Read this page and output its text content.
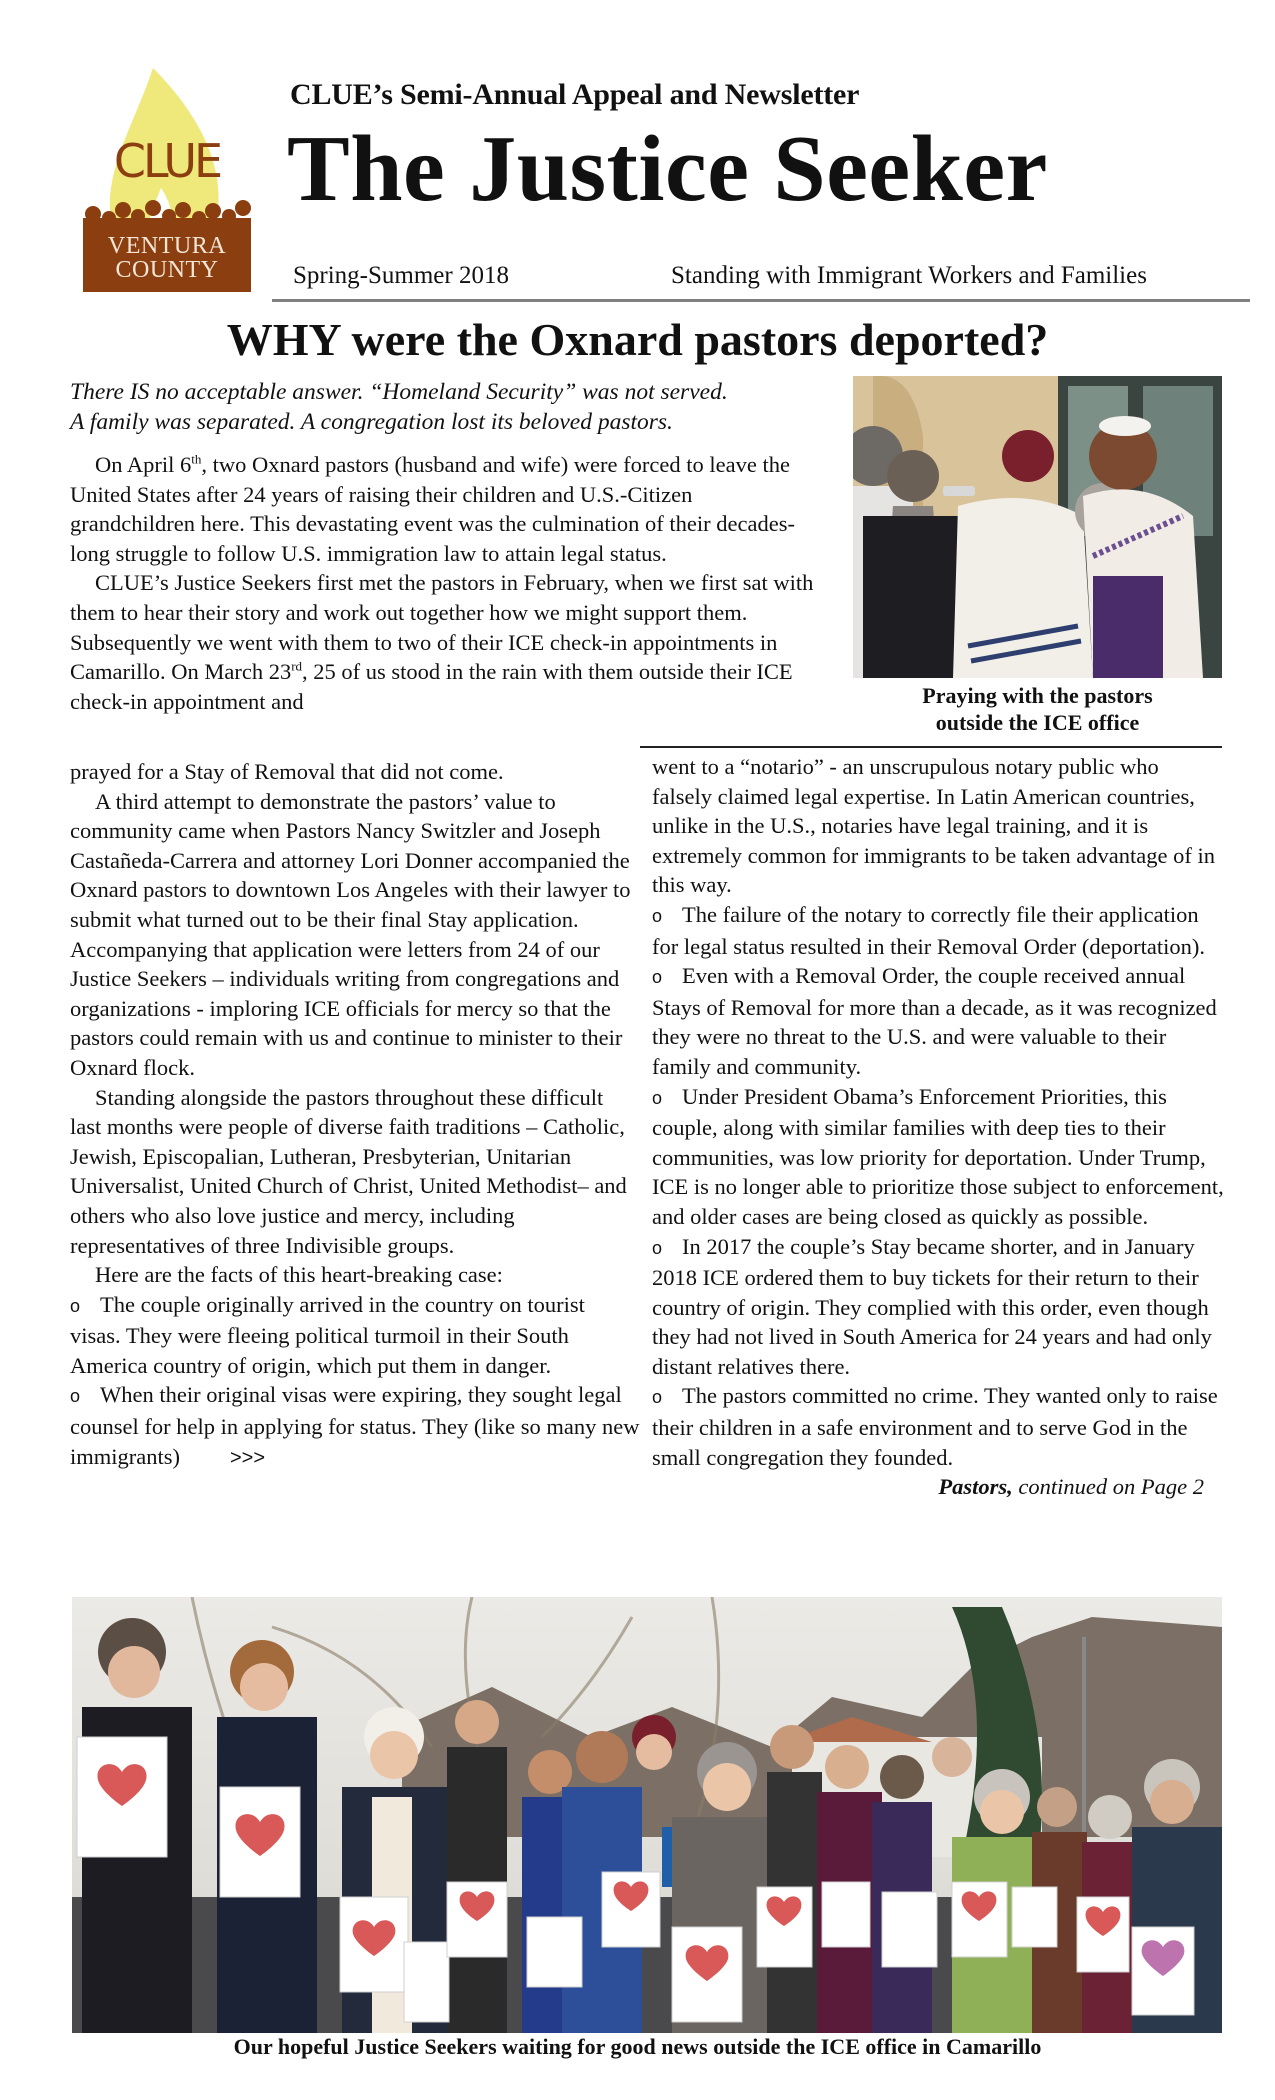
CLUE
VENTURA
COUNTY
CLUE’s Semi-Annual Appeal and Newsletter
The Justice Seeker
Spring-Summer 2018	Standing with Immigrant Workers and Families
WHY were the Oxnard pastors deported?
There IS no acceptable answer. “Homeland Security” was not served.
A family was separated. A congregation lost its beloved pastors.

On April 6th, two Oxnard pastors (husband and wife) were forced to leave the United States after 24 years of raising their children and U.S.-Citizen grandchildren here. This devastating event was the culmination of their decades-long struggle to follow U.S. immigration law to attain legal status.

CLUE’s Justice Seekers first met the pastors in February, when we first sat with them to hear their story and work out together how we might support them. Subsequently we went with them to two of their ICE check-in appointments in Camarillo. On March 23rd, 25 of us stood in the rain with them outside their ICE check-in appointment and	Praying with the pastors
outside the ICE office

prayed for a Stay of Removal that did not come.

A third attempt to demonstrate the pastors’ value to community came when Pastors Nancy Switzler and Joseph Castañeda-Carrera and attorney Lori Donner accompanied the Oxnard pastors to downtown Los Angeles with their lawyer to submit what turned out to be their final Stay application. Accompanying that application were letters from 24 of our Justice Seekers – individuals writing from congregations and organizations - imploring ICE officials for mercy so that the pastors could remain with us and continue to minister to their Oxnard flock.

Standing alongside the pastors throughout these difficult last months were people of diverse faith traditions – Catholic, Jewish, Episcopalian, Lutheran, Presbyterian, Unitarian Universalist, United Church of Christ, United Methodist– and others who also love justice and mercy, including representatives of three Indivisible groups.

Here are the facts of this heart-breaking case:

o The couple originally arrived in the country on tourist visas. They were fleeing political turmoil in their South America country of origin, which put them in danger.

o When their original visas were expiring, they sought legal counsel for help in applying for status. They (like so many new immigrants)	>>>

went to a “notario” - an unscrupulous notary public who falsely claimed legal expertise. In Latin American countries, unlike in the U.S., notaries have legal training, and it is extremely common for immigrants to be taken advantage of in this way.

o The failure of the notary to correctly file their application for legal status resulted in their Removal Order (deportation).

o Even with a Removal Order, the couple received annual Stays of Removal for more than a decade, as it was recognized they were no threat to the U.S. and were valuable to their family and community.

o Under President Obama’s Enforcement Priorities, this couple, along with similar families with deep ties to their communities, was low priority for deportation. Under Trump, ICE is no longer able to prioritize those subject to enforcement, and older cases are being closed as quickly as possible.

o In 2017 the couple’s Stay became shorter, and in January 2018 ICE ordered them to buy tickets for their return to their country of origin. They complied with this order, even though they had not lived in South America for 24 years and had only distant relatives there.

o The pastors committed no crime. They wanted only to raise their children in a safe environment and to serve God in the small congregation they founded.

Pastors, continued on Page 2

Our hopeful Justice Seekers waiting for good news outside the ICE office in Camarillo
